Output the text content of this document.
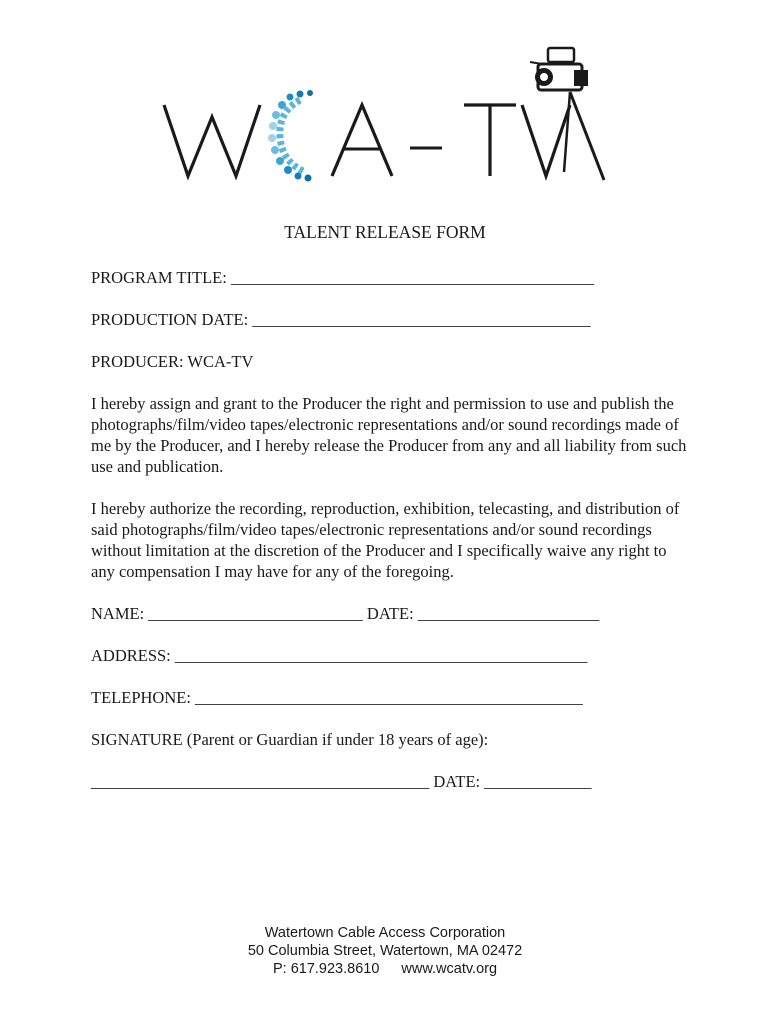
TALENT RELEASE FORM
PROGRAM TITLE: ____________________________________________
PRODUCTION DATE: _________________________________________
PRODUCER: WCA-TV
I hereby assign and grant to the Producer the right and permission to use and publish the photographs/film/video tapes/electronic representations and/or sound recordings made of me by the Producer, and I hereby release the Producer from any and all liability from such use and publication.
I hereby authorize the recording, reproduction, exhibition, telecasting, and distribution of said photographs/film/video tapes/electronic representations and/or sound recordings without limitation at the discretion of the Producer and I specifically waive any right to any compensation I may have for any of the foregoing.
NAME: __________________________ DATE: ______________________
ADDRESS: __________________________________________________
TELEPHONE: _______________________________________________
SIGNATURE (Parent or Guardian if under 18 years of age):
_________________________________________ DATE: _____________
Watertown Cable Access Corporation
50 Columbia Street, Watertown, MA 02472
P: 617.923.8610 www.wcatv.org
